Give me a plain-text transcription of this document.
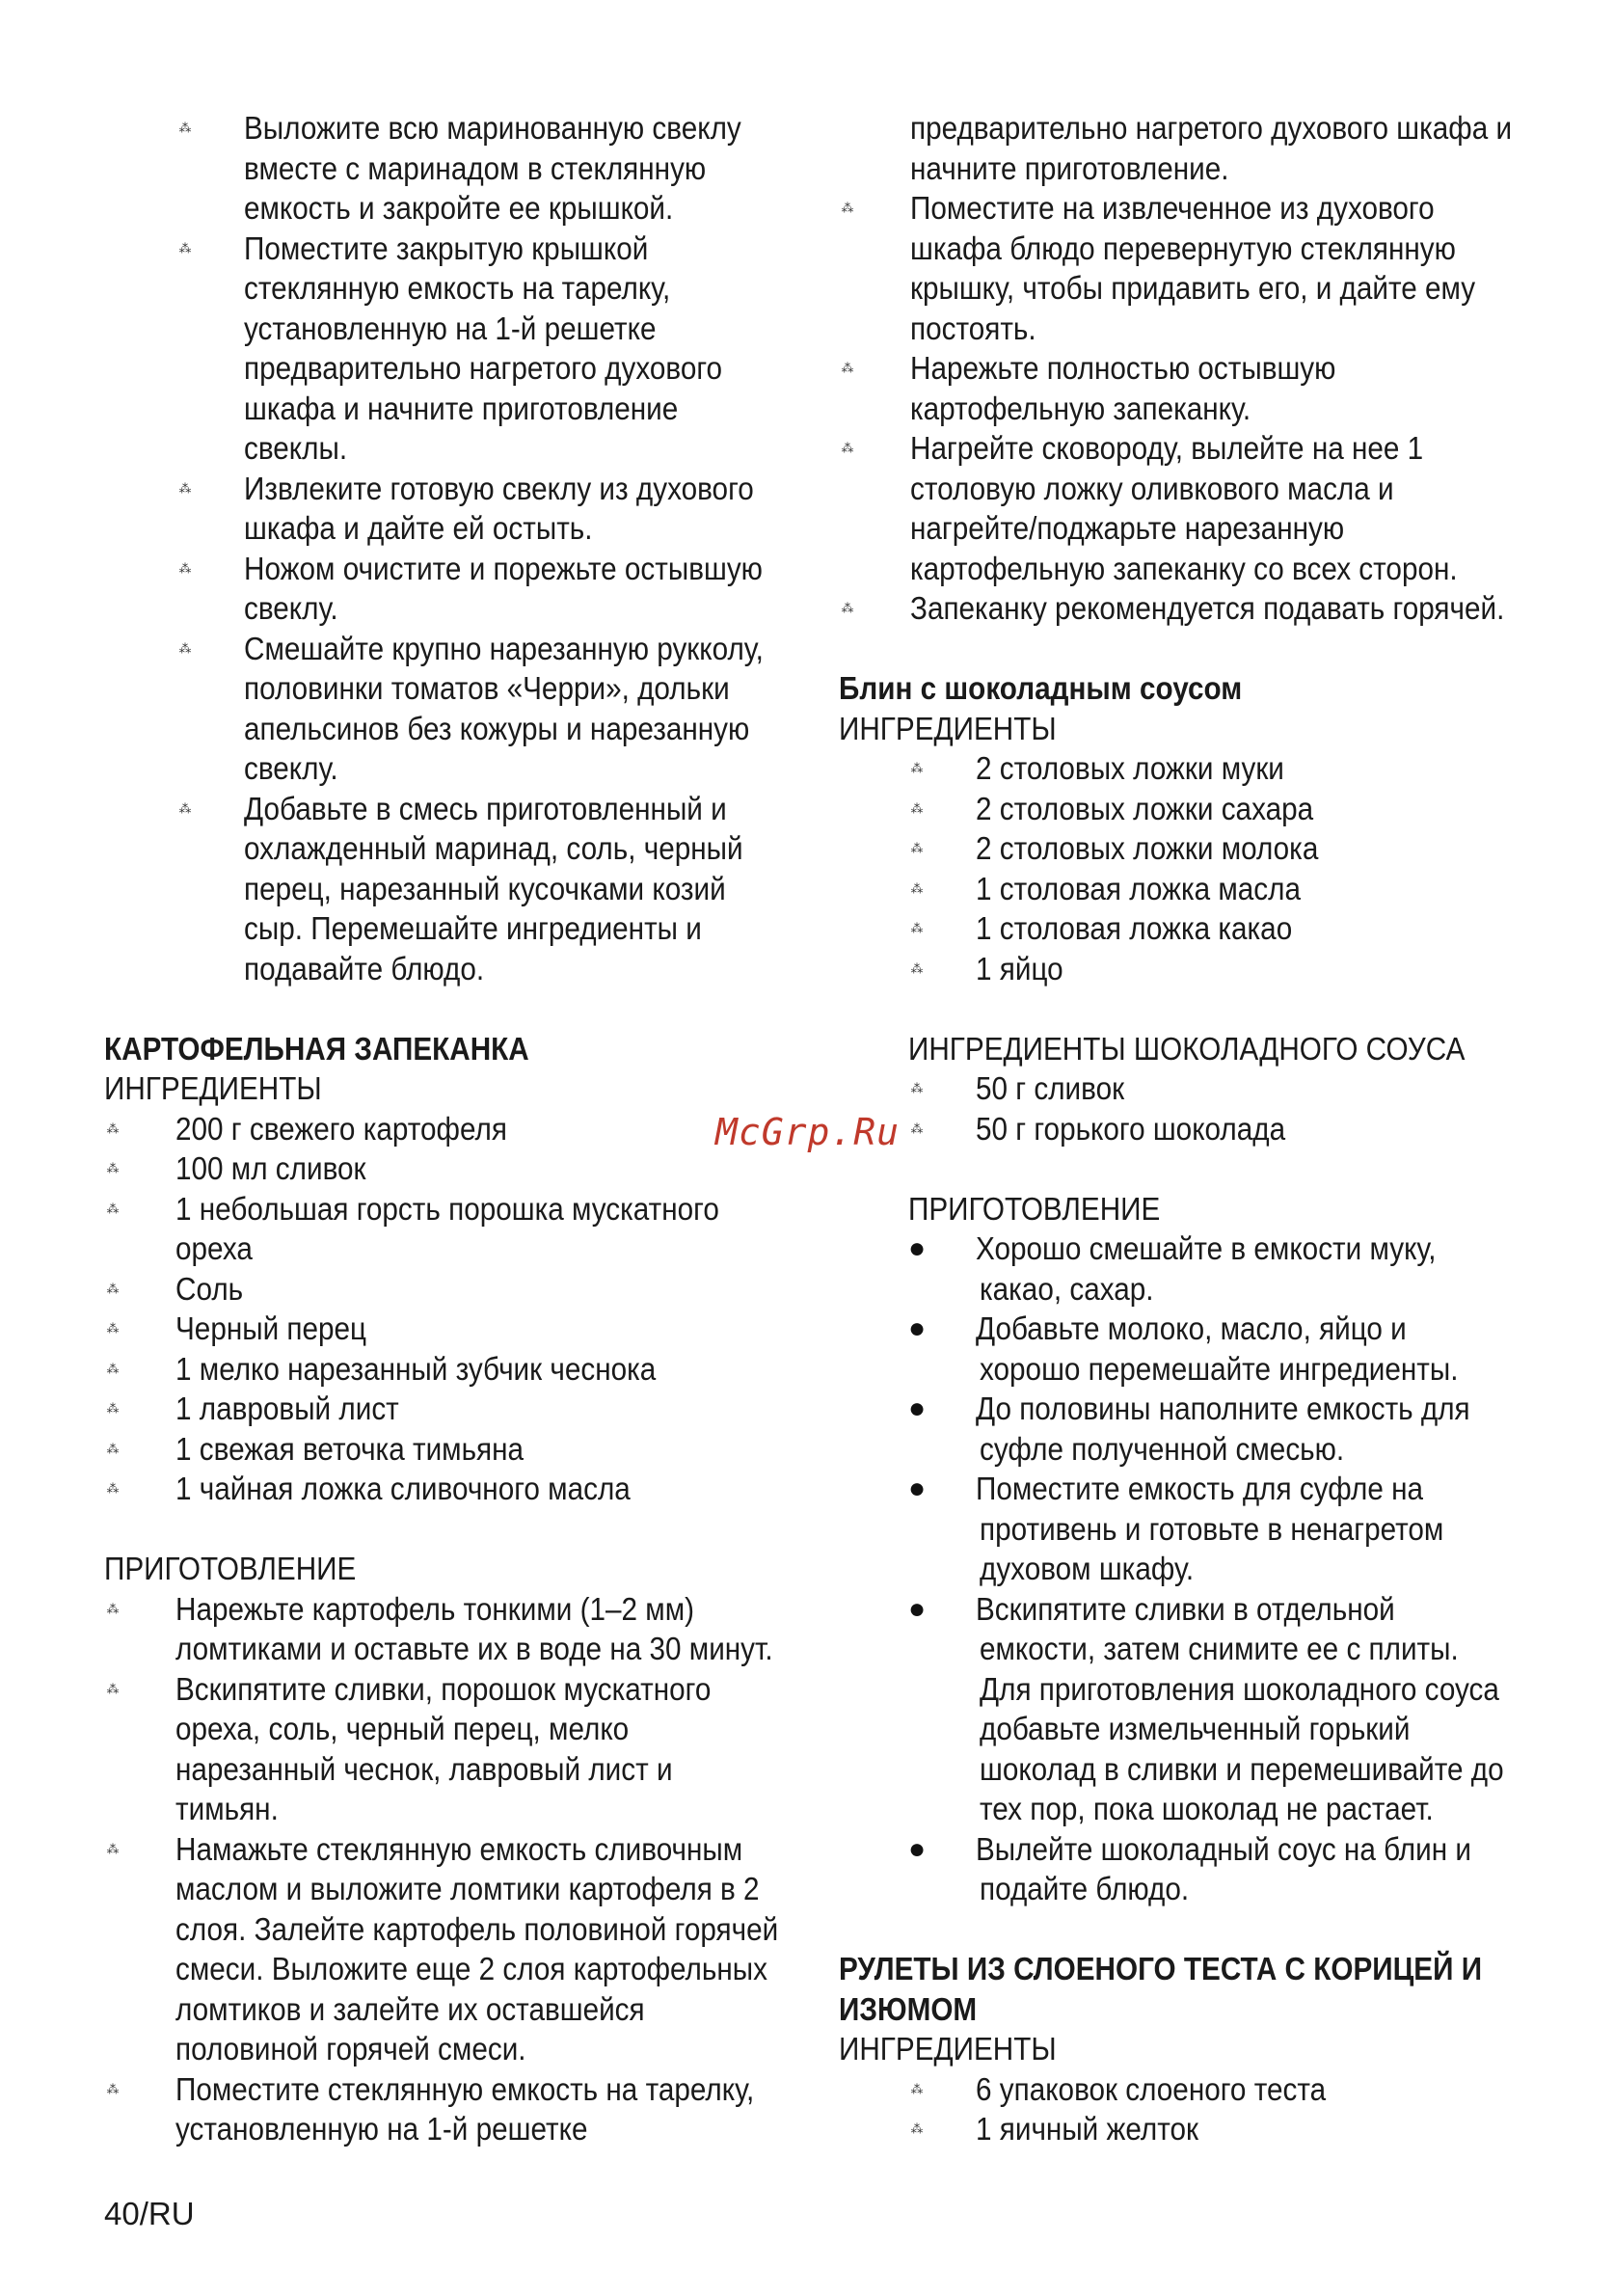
⁂ Выложите всю маринованную свеклу
вместе с маринадом в стеклянную
емкость и закройте ее крышкой.
⁂ Поместите закрытую крышкой
стеклянную емкость на тарелку,
установленную на 1-й решетке
предварительно нагретого духового
шкафа и начните приготовление
свеклы.
⁂ Извлеките готовую свеклу из духового
шкафа и дайте ей остыть.
⁂ Ножом очистите и порежьте остывшую
свеклу.
⁂ Смешайте крупно нарезанную рукколу,
половинки томатов «Черри», дольки
апельсинов без кожуры и нарезанную
свеклу.
⁂ Добавьте в смесь приготовленный и
охлажденный маринад, соль, черный
перец, нарезанный кусочками козий
сыр. Перемешайте ингредиенты и
подавайте блюдо.
КАРТОФЕЛЬНАЯ ЗАПЕКАНКА
ИНГРЕДИЕНТЫ
⁂ 200 г свежего картофеля
⁂ 100 мл сливок
⁂ 1 небольшая горсть порошка мускатного
ореха
⁂ Соль
⁂ Черный перец
⁂ 1 мелко нарезанный зубчик чеснока
⁂ 1 лавровый лист
⁂ 1 свежая веточка тимьяна
⁂ 1 чайная ложка сливочного масла
ПРИГОТОВЛЕНИЕ
⁂ Нарежьте картофель тонкими (1–2 мм)
ломтиками и оставьте их в воде на 30 минут.
⁂ Вскипятите сливки, порошок мускатного
ореха, соль, черный перец, мелко
нарезанный чеснок, лавровый лист и
тимьян.
⁂ Намажьте стеклянную емкость сливочным
маслом и выложите ломтики картофеля в 2
слоя. Залейте картофель половиной горячей
смеси. Выложите еще 2 слоя картофельных
ломтиков и залейте их оставшейся
половиной горячей смеси.
⁂ Поместите стеклянную емкость на тарелку,
установленную на 1-й решетке
предварительно нагретого духового шкафа и
начните приготовление.
⁂ Поместите на извлеченное из духового
шкафа блюдо перевернутую стеклянную
крышку, чтобы придавить его, и дайте ему
постоять.
⁂ Нарежьте полностью остывшую
картофельную запеканку.
⁂ Нагрейте сковороду, вылейте на нее 1
столовую ложку оливкового масла и
нагрейте/поджарьте нарезанную
картофельную запеканку со всех сторон.
⁂ Запеканку рекомендуется подавать горячей.
Блин с шоколадным соусом
ИНГРЕДИЕНТЫ
⁂ 2 столовых ложки муки
⁂ 2 столовых ложки сахара
⁂ 2 столовых ложки молока
⁂ 1 столовая ложка масла
⁂ 1 столовая ложка какао
⁂ 1 яйцо
ИНГРЕДИЕНТЫ ШОКОЛАДНОГО СОУСА
⁂ 50 г сливок
⁂ 50 г горького шоколада
ПРИГОТОВЛЕНИЕ
● Хорошо смешайте в емкости муку,
какао, сахар.
● Добавьте молоко, масло, яйцо и
хорошо перемешайте ингредиенты.
● До половины наполните емкость для
суфле полученной смесью.
● Поместите емкость для суфле на
противень и готовьте в ненагретом
духовом шкафу.
● Вскипятите сливки в отдельной
емкости, затем снимите ее с плиты.
Для приготовления шоколадного соуса
добавьте измельченный горький
шоколад в сливки и перемешивайте до
тех пор, пока шоколад не растает.
● Вылейте шоколадный соус на блин и
подайте блюдо.
РУЛЕТЫ ИЗ СЛОЕНОГО ТЕСТА С КОРИЦЕЙ И
ИЗЮМОМ
ИНГРЕДИЕНТЫ
⁂ 6 упаковок слоеного теста
⁂ 1 яичный желток
40/RU
McGrp.Ru
